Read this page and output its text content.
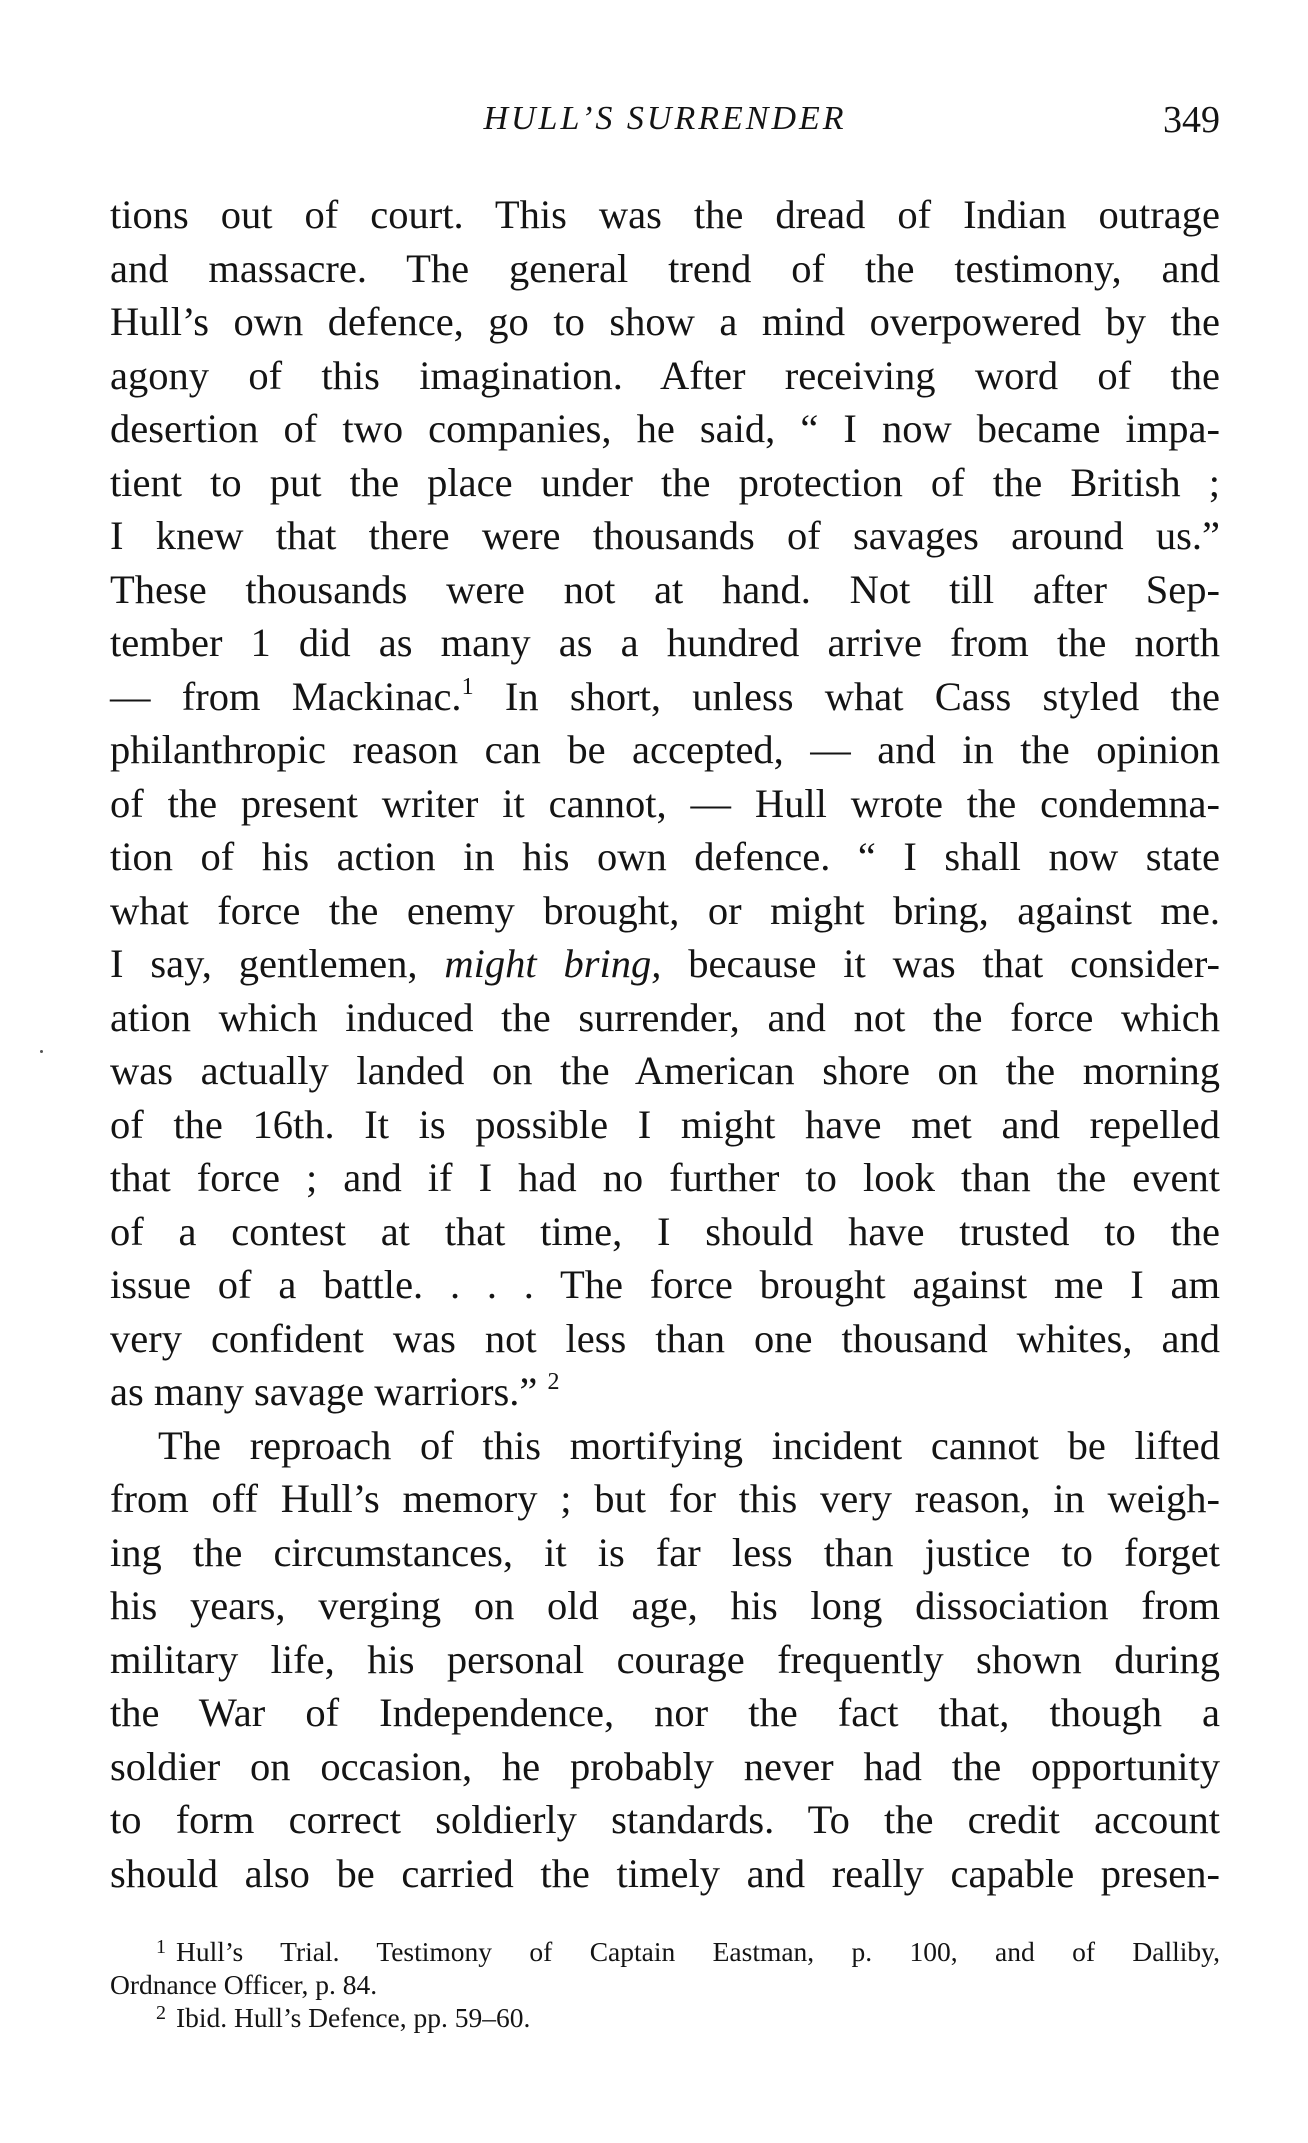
HULL’S SURRENDER	349
tions out of court. This was the dread of Indian outrage
and massacre. The general trend of the testimony, and
Hull’s own defence, go to show a mind overpowered by the
agony of this imagination. After receiving word of the
desertion of two companies, he said, “ I now became impa-
tient to put the place under the protection of the British ;
I knew that there were thousands of savages around us.”
These thousands were not at hand. Not till after Sep-
tember 1 did as many as a hundred arrive from the north
— from Mackinac.$^1$ In short, unless what Cass styled the
philanthropic reason can be accepted, — and in the opinion
of the present writer it cannot, — Hull wrote the condemna-
tion of his action in his own defence. “ I shall now state
what force the enemy brought, or might bring, against me.
I say, gentlemen, might bring, because it was that consider-
ation which induced the surrender, and not the force which
was actually landed on the American shore on the morning
of the 16th. It is possible I might have met and repelled
that force ; and if I had no further to look than the event
of a contest at that time, I should have trusted to the
issue of a battle. . . . The force brought against me I am
very confident was not less than one thousand whites, and
as many savage warriors.” $^2$
The reproach of this mortifying incident cannot be lifted
from off Hull’s memory ; but for this very reason, in weigh-
ing the circumstances, it is far less than justice to forget
his years, verging on old age, his long dissociation from
military life, his personal courage frequently shown during
the War of Independence, nor the fact that, though a
soldier on occasion, he probably never had the opportunity
to form correct soldierly standards. To the credit account
should also be carried the timely and really capable presen-
$^1$ Hull’s Trial. Testimony of Captain Eastman, p. 100, and of Dalliby,
Ordnance Officer, p. 84.
$^2$ Ibid. Hull’s Defence, pp. 59–60.
